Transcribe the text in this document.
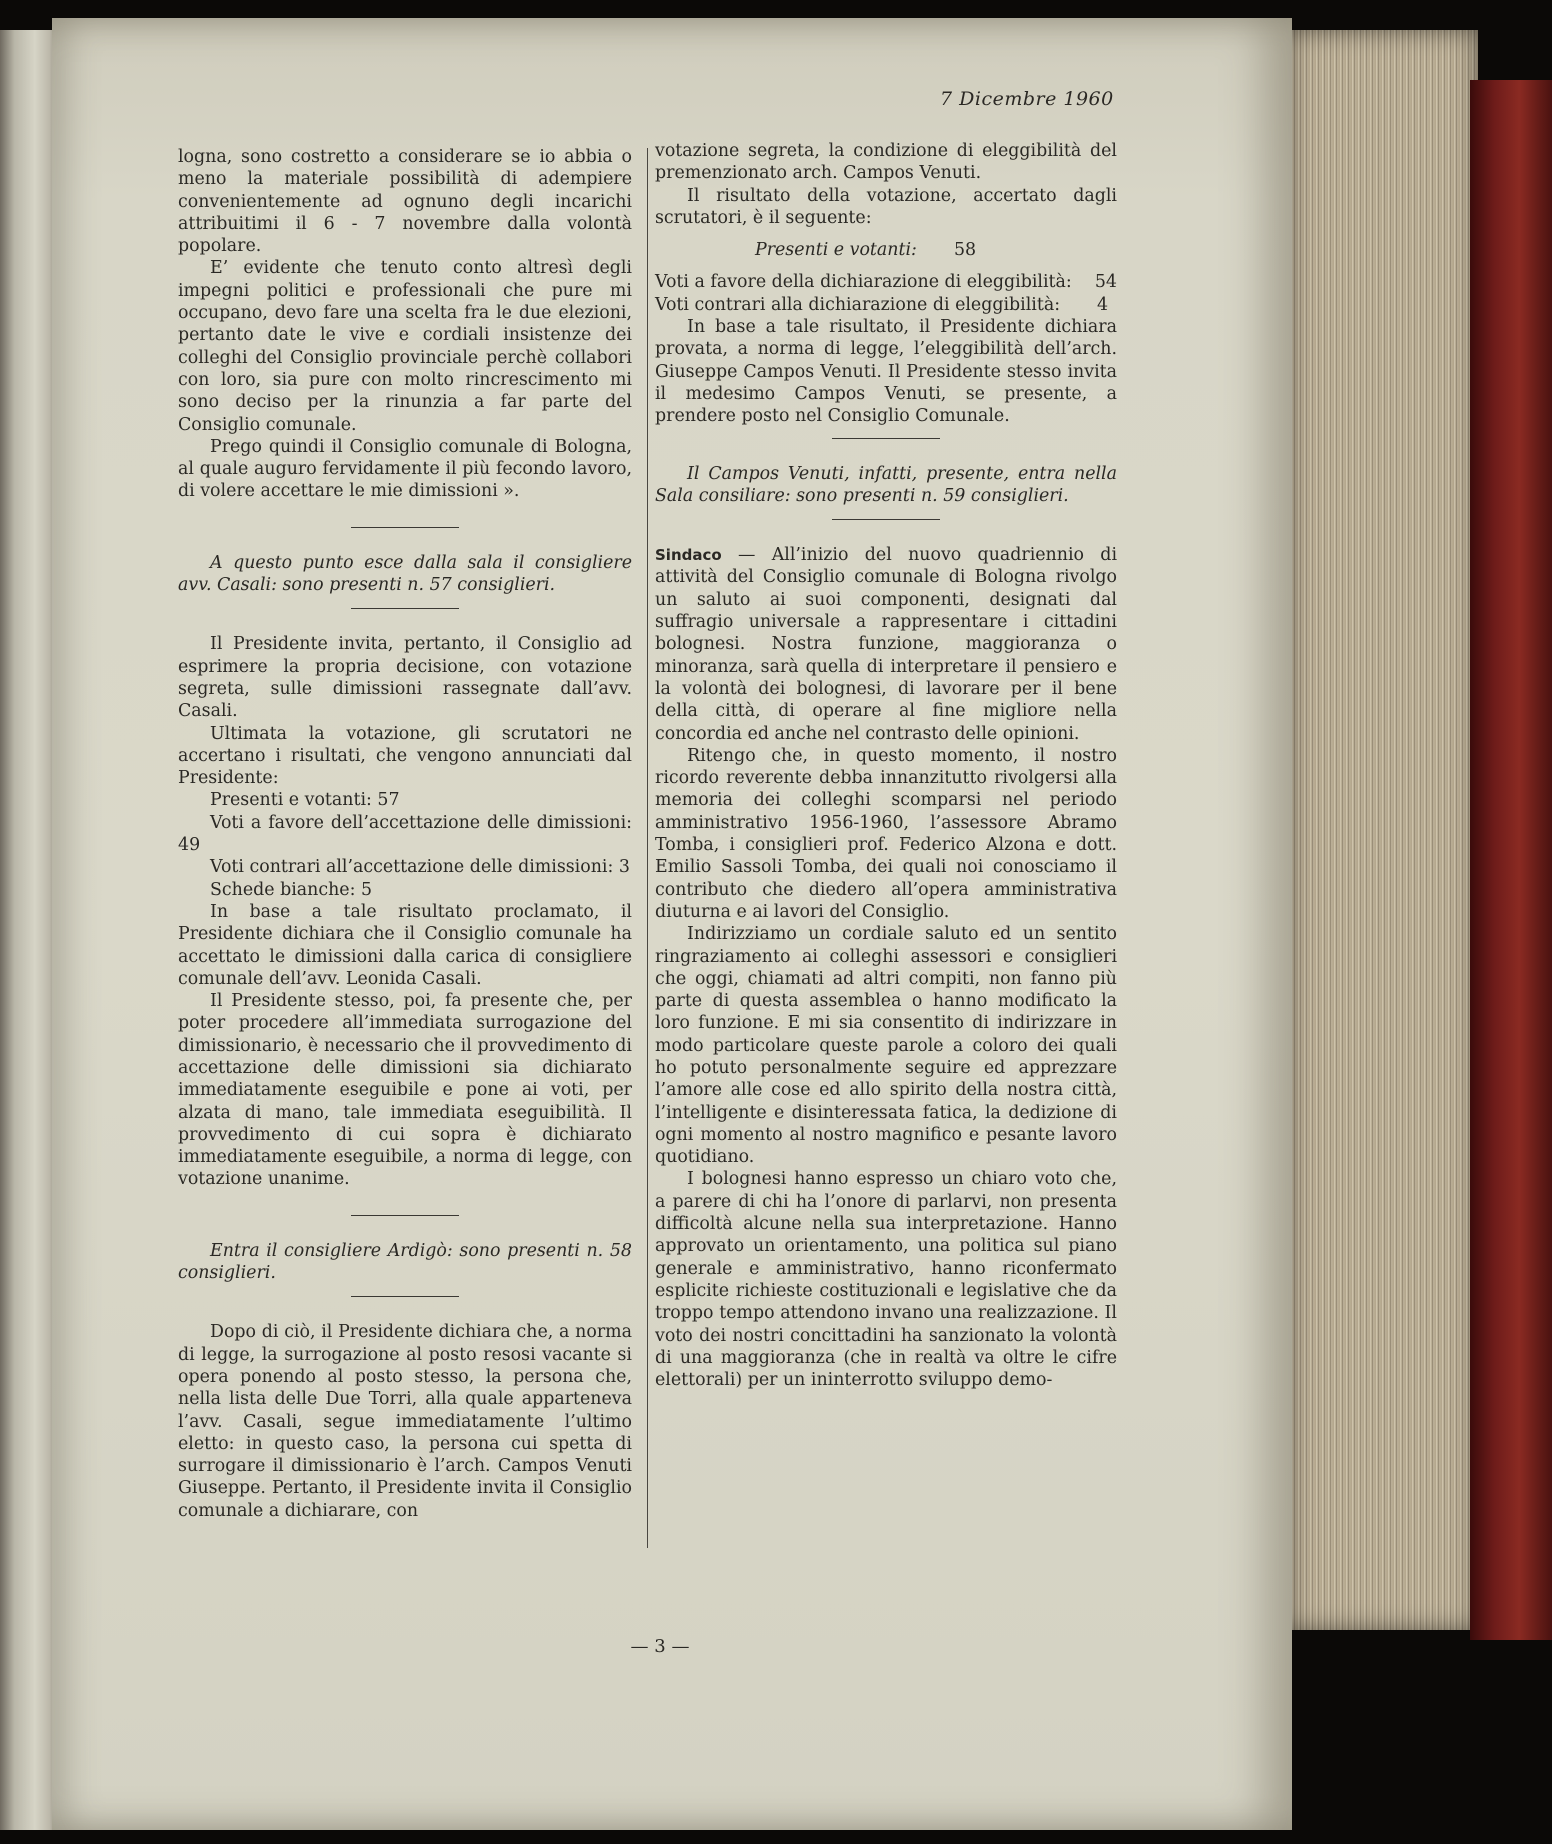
7 Dicembre 1960

logna, sono costretto a considerare se io abbia o meno la materiale possibilità di adempiere convenientemente ad ognuno degli incarichi attribuitimi il 6 - 7 novembre dalla volontà popolare.

E’ evidente che tenuto conto altresì degli impegni politici e professionali che pure mi occupano, devo fare una scelta fra le due elezioni, pertanto date le vive e cordiali insistenze dei colleghi del Consiglio provinciale perchè collabori con loro, sia pure con molto rincrescimento mi sono deciso per la rinunzia a far parte del Consiglio comunale.

Prego quindi il Consiglio comunale di Bologna, al quale auguro fervidamente il più fecondo lavoro, di volere accettare le mie dimissioni ».

A questo punto esce dalla sala il consigliere avv. Casali: sono presenti n. 57 consiglieri.

Il Presidente invita, pertanto, il Consiglio ad esprimere la propria decisione, con votazione segreta, sulle dimissioni rassegnate dall’avv. Casali.

Ultimata la votazione, gli scrutatori ne accertano i risultati, che vengono annunciati dal Presidente:

Presenti e votanti: 57

Voti a favore dell’accettazione delle dimissioni: 49

Voti contrari all’accettazione delle dimissioni: 3

Schede bianche: 5

In base a tale risultato proclamato, il Presidente dichiara che il Consiglio comunale ha accettato le dimissioni dalla carica di consigliere comunale dell’avv. Leonida Casali.

Il Presidente stesso, poi, fa presente che, per poter procedere all’immediata surrogazione del dimissionario, è necessario che il provvedimento di accettazione delle dimissioni sia dichiarato immediatamente eseguibile e pone ai voti, per alzata di mano, tale immediata eseguibilità. Il provvedimento di cui sopra è dichiarato immediatamente eseguibile, a norma di legge, con votazione unanime.

Entra il consigliere Ardigò: sono presenti n. 58 consiglieri.

Dopo di ciò, il Presidente dichiara che, a norma di legge, la surrogazione al posto resosi vacante si opera ponendo al posto stesso, la persona che, nella lista delle Due Torri, alla quale apparteneva l’avv. Casali, segue immediatamente l’ultimo eletto: in questo caso, la persona cui spetta di surrogare il dimissionario è l’arch. Campos Venuti Giuseppe. Pertanto, il Presidente invita il Consiglio comunale a dichiarare, con

votazione segreta, la condizione di eleggibilità del premenzionato arch. Campos Venuti.

Il risultato della votazione, accertato dagli scrutatori, è il seguente:

Presenti e votanti: 58

Voti a favore della dichiarazione di eleggibilità:	54
Voti contrari alla dichiarazione di eleggibilità:	4

In base a tale risultato, il Presidente dichiara provata, a norma di legge, l’eleggibilità dell’arch. Giuseppe Campos Venuti. Il Presidente stesso invita il medesimo Campos Venuti, se presente, a prendere posto nel Consiglio Comunale.

Il Campos Venuti, infatti, presente, entra nella Sala consiliare: sono presenti n. 59 consiglieri.

Sindaco — All’inizio del nuovo quadriennio di attività del Consiglio comunale di Bologna rivolgo un saluto ai suoi componenti, designati dal suffragio universale a rappresentare i cittadini bolognesi. Nostra funzione, maggioranza o minoranza, sarà quella di interpretare il pensiero e la volontà dei bolognesi, di lavorare per il bene della città, di operare al fine migliore nella concordia ed anche nel contrasto delle opinioni.

Ritengo che, in questo momento, il nostro ricordo reverente debba innanzitutto rivolgersi alla memoria dei colleghi scomparsi nel periodo amministrativo 1956-1960, l’assessore Abramo Tomba, i consiglieri prof. Federico Alzona e dott. Emilio Sassoli Tomba, dei quali noi conosciamo il contributo che diedero all’opera amministrativa diuturna e ai lavori del Consiglio.

Indirizziamo un cordiale saluto ed un sentito ringraziamento ai colleghi assessori e consiglieri che oggi, chiamati ad altri compiti, non fanno più parte di questa assemblea o hanno modificato la loro funzione. E mi sia consentito di indirizzare in modo particolare queste parole a coloro dei quali ho potuto personalmente seguire ed apprezzare l’amore alle cose ed allo spirito della nostra città, l’intelligente e disinteressata fatica, la dedizione di ogni momento al nostro magnifico e pesante lavoro quotidiano.

I bolognesi hanno espresso un chiaro voto che, a parere di chi ha l’onore di parlarvi, non presenta difficoltà alcune nella sua interpretazione. Hanno approvato un orientamento, una politica sul piano generale e amministrativo, hanno riconfermato esplicite richieste costituzionali e legislative che da troppo tempo attendono invano una realizzazione. Il voto dei nostri concittadini ha sanzionato la volontà di una maggioranza (che in realtà va oltre le cifre elettorali) per un ininterrotto sviluppo demo-

— 3 —
